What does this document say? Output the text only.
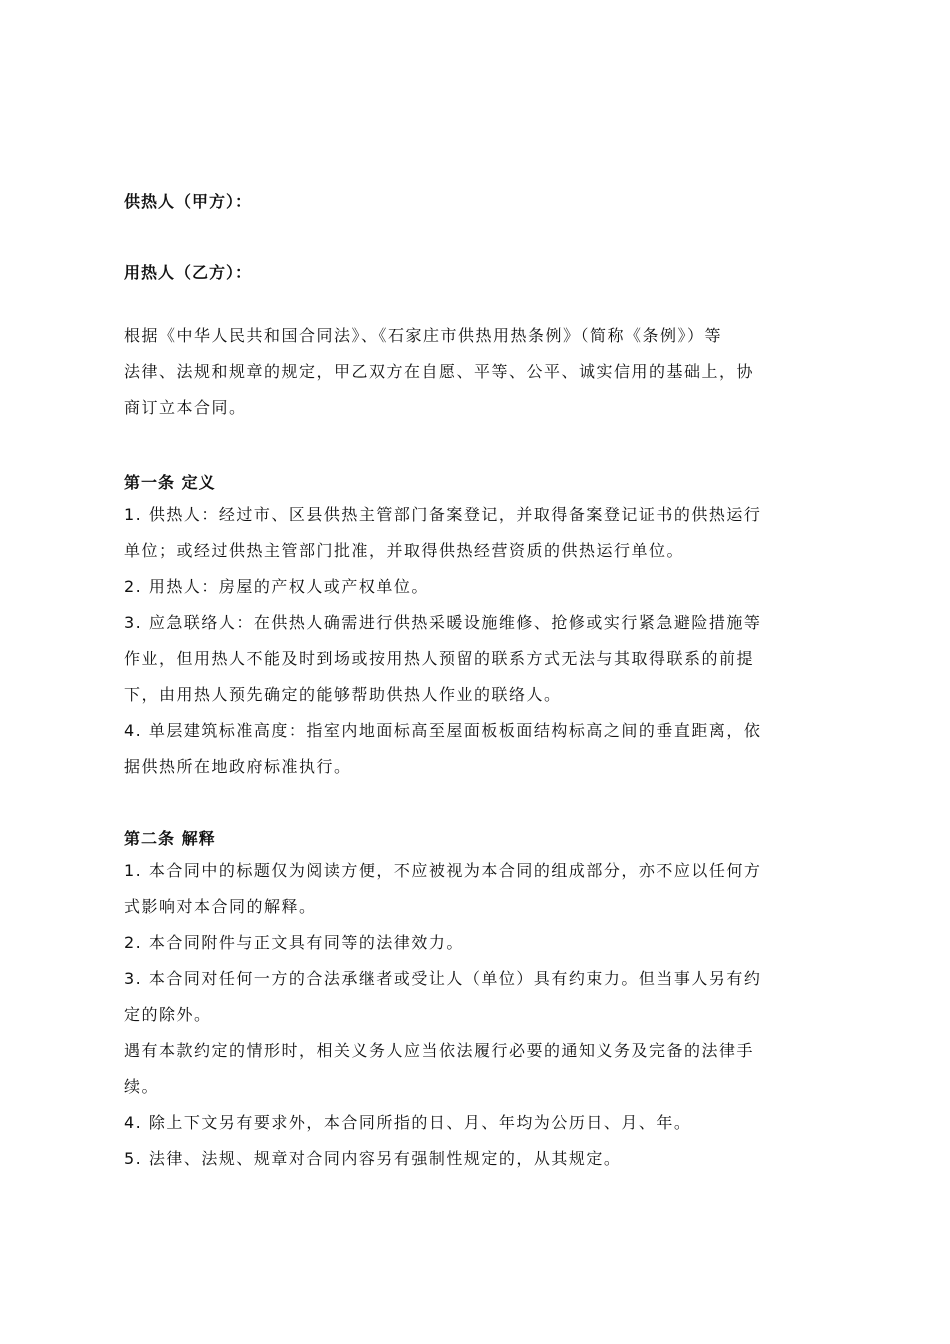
供热人（甲方）：
用热人（乙方）：
根据《中华人民共和国合同法》、《石家庄市供热用热条例》（简称《条例》）等
法律、法规和规章的规定，甲乙双方在自愿、平等、公平、诚实信用的基础上，协
商订立本合同。
第一条 定义
1. 供热人：经过市、区县供热主管部门备案登记，并取得备案登记证书的供热运行
单位；或经过供热主管部门批准，并取得供热经营资质的供热运行单位。
2. 用热人：房屋的产权人或产权单位。
3. 应急联络人：在供热人确需进行供热采暖设施维修、抢修或实行紧急避险措施等
作业，但用热人不能及时到场或按用热人预留的联系方式无法与其取得联系的前提
下，由用热人预先确定的能够帮助供热人作业的联络人。
4. 单层建筑标准高度：指室内地面标高至屋面板板面结构标高之间的垂直距离，依
据供热所在地政府标准执行。
第二条 解释
1. 本合同中的标题仅为阅读方便，不应被视为本合同的组成部分，亦不应以任何方
式影响对本合同的解释。
2. 本合同附件与正文具有同等的法律效力。
3. 本合同对任何一方的合法承继者或受让人（单位）具有约束力。但当事人另有约
定的除外。
遇有本款约定的情形时，相关义务人应当依法履行必要的通知义务及完备的法律手
续。
4. 除上下文另有要求外，本合同所指的日、月、年均为公历日、月、年。
5. 法律、法规、规章对合同内容另有强制性规定的，从其规定。
